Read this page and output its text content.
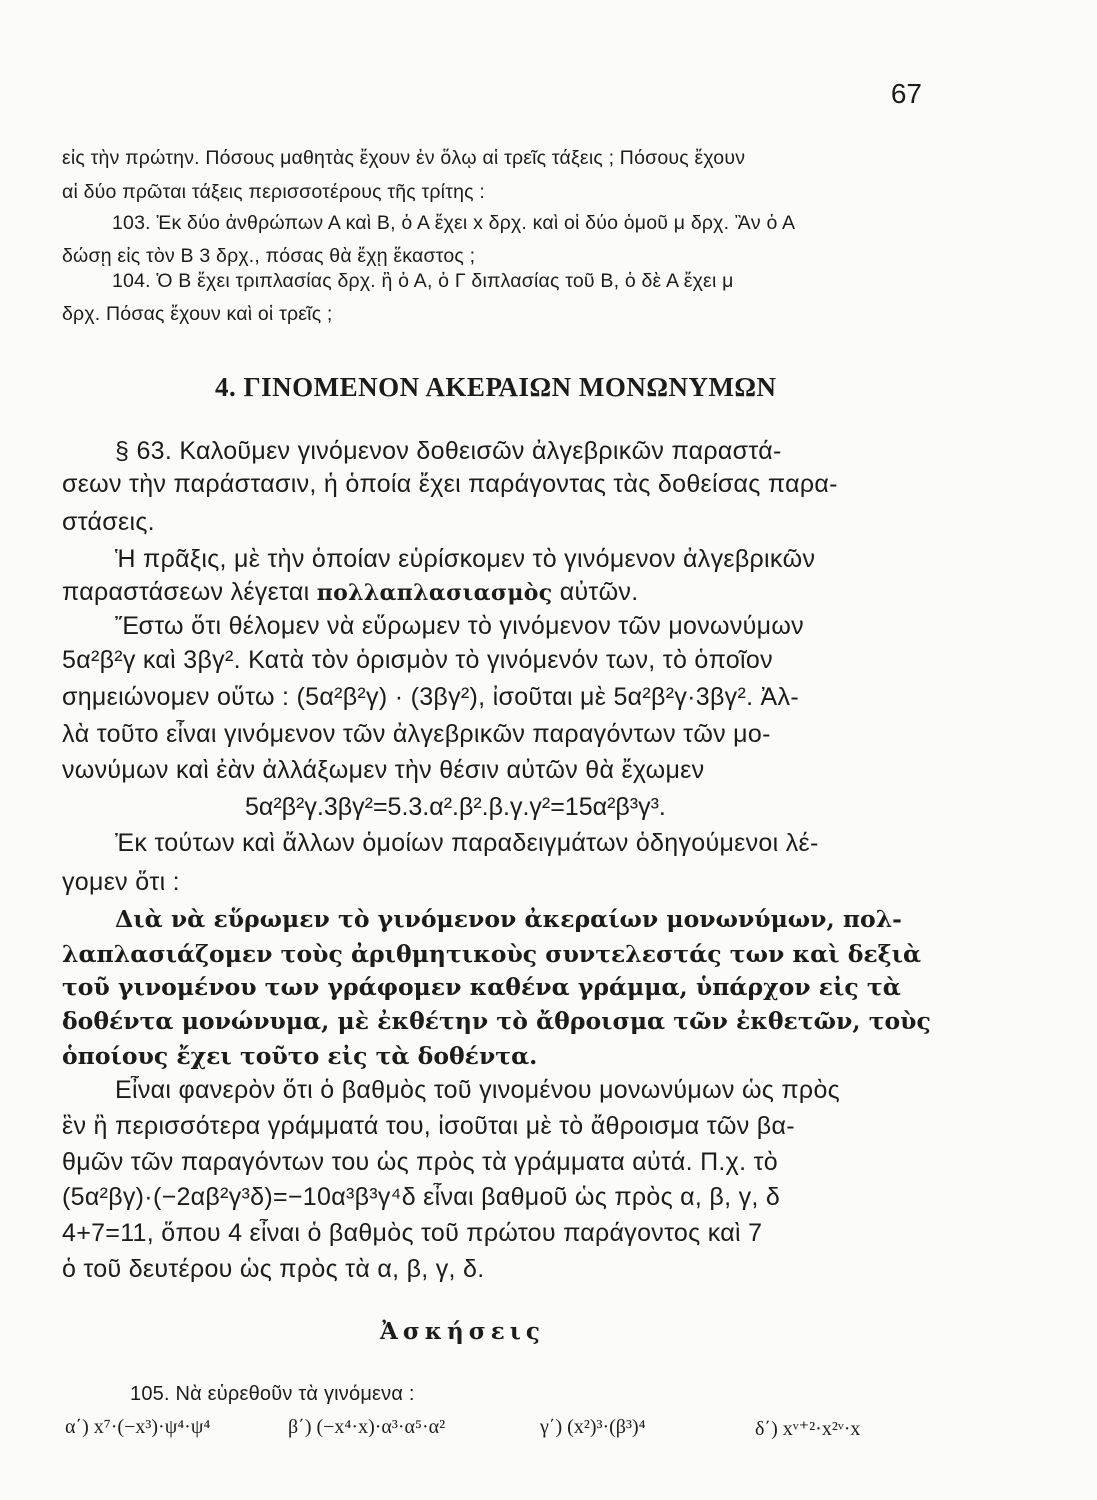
67
εἰς τὴν πρώτην. Πόσους μαθητὰς ἔχουν ἐν ὅλῳ αἱ τρεῖς τάξεις ; Πόσους ἔχουν
αἱ δύο πρῶται τάξεις περισσοτέρους τῆς τρίτης :
103. Ἐκ δύο ἀνθρώπων Α καὶ Β, ὁ Α ἔχει x δρχ. καὶ οἱ δύο ὁμοῦ μ δρχ. Ἂν ὁ Α
δώσῃ εἰς τὸν Β 3 δρχ., πόσας θὰ ἔχῃ ἕκαστος ;
104. Ὁ Β ἔχει τριπλασίας δρχ. ἢ ὁ Α, ὁ Γ διπλασίας τοῦ Β, ὁ δὲ Α ἔχει μ
δρχ. Πόσας ἔχουν καὶ οἱ τρεῖς ;
4. ΓΙΝΟΜΕΝΟΝ ΑΚΕΡΑΙΩΝ ΜΟΝΩΝΥΜΩΝ
§ 63. Καλοῦμεν γινόμενον δοθεισῶν ἀλγεβρικῶν παραστά-
σεων τὴν παράστασιν, ἡ ὁποία ἔχει παράγοντας τὰς δοθείσας παρα-
στάσεις.
Ἡ πρᾶξις, μὲ τὴν ὁποίαν εὑρίσκομεν τὸ γινόμενον ἀλγεβρικῶν
παραστάσεων λέγεται πολλαπλασιασμὸς αὐτῶν.
Ἔστω ὅτι θέλομεν νὰ εὕρωμεν τὸ γινόμενον τῶν μονωνύμων
5α²β²γ καὶ 3βγ². Κατὰ τὸν ὁρισμὸν τὸ γινόμενόν των, τὸ ὁποῖον
σημειώνομεν οὕτω : (5α²β²γ) · (3βγ²), ἰσοῦται μὲ 5α²β²γ·3βγ². Ἀλ-
λὰ τοῦτο εἶναι γινόμενον τῶν ἀλγεβρικῶν παραγόντων τῶν μο-
νωνύμων καὶ ἐὰν ἀλλάξωμεν τὴν θέσιν αὐτῶν θὰ ἔχωμεν
5α²β²γ.3βγ²=5.3.α².β².β.γ.γ²=15α²β³γ³.
Ἐκ τούτων καὶ ἄλλων ὁμοίων παραδειγμάτων ὁδηγούμενοι λέ-
γομεν ὅτι :
Διὰ νὰ εὕρωμεν τὸ γινόμενον ἀκεραίων μονωνύμων, πολ-
λαπλασιάζομεν τοὺς ἀριθμητικοὺς συντελεστάς των καὶ δεξιὰ
τοῦ γινομένου των γράφομεν καθένα γράμμα, ὑπάρχον εἰς τὰ
δοθέντα μονώνυμα, μὲ ἐκθέτην τὸ ἄθροισμα τῶν ἐκθετῶν, τοὺς
ὁποίους ἔχει τοῦτο εἰς τὰ δοθέντα.
Εἶναι φανερὸν ὅτι ὁ βαθμὸς τοῦ γινομένου μονωνύμων ὡς πρὸς
ἓν ἢ περισσότερα γράμματά του, ἰσοῦται μὲ τὸ ἄθροισμα τῶν βα-
θμῶν τῶν παραγόντων του ὡς πρὸς τὰ γράμματα αὐτά. Π.χ. τὸ
(5α²βγ)·(−2αβ²γ³δ)=−10α³β³γ⁴δ εἶναι βαθμοῦ ὡς πρὸς α, β, γ, δ
4+7=11, ὅπου 4 εἶναι ὁ βαθμὸς τοῦ πρώτου παράγοντος καὶ 7
ὁ τοῦ δευτέρου ὡς πρὸς τὰ α, β, γ, δ.
Ἀσκήσεις
105. Νὰ εὑρεθοῦν τὰ γινόμενα :
α΄) x⁷·(−x³)·ψ⁴·ψ⁴	β΄) (−x⁴·x)·α³·α⁵·α²	γ΄) (x²)³·(β³)⁴	δ΄) xᵛ⁺²·x²ᵛ·x
